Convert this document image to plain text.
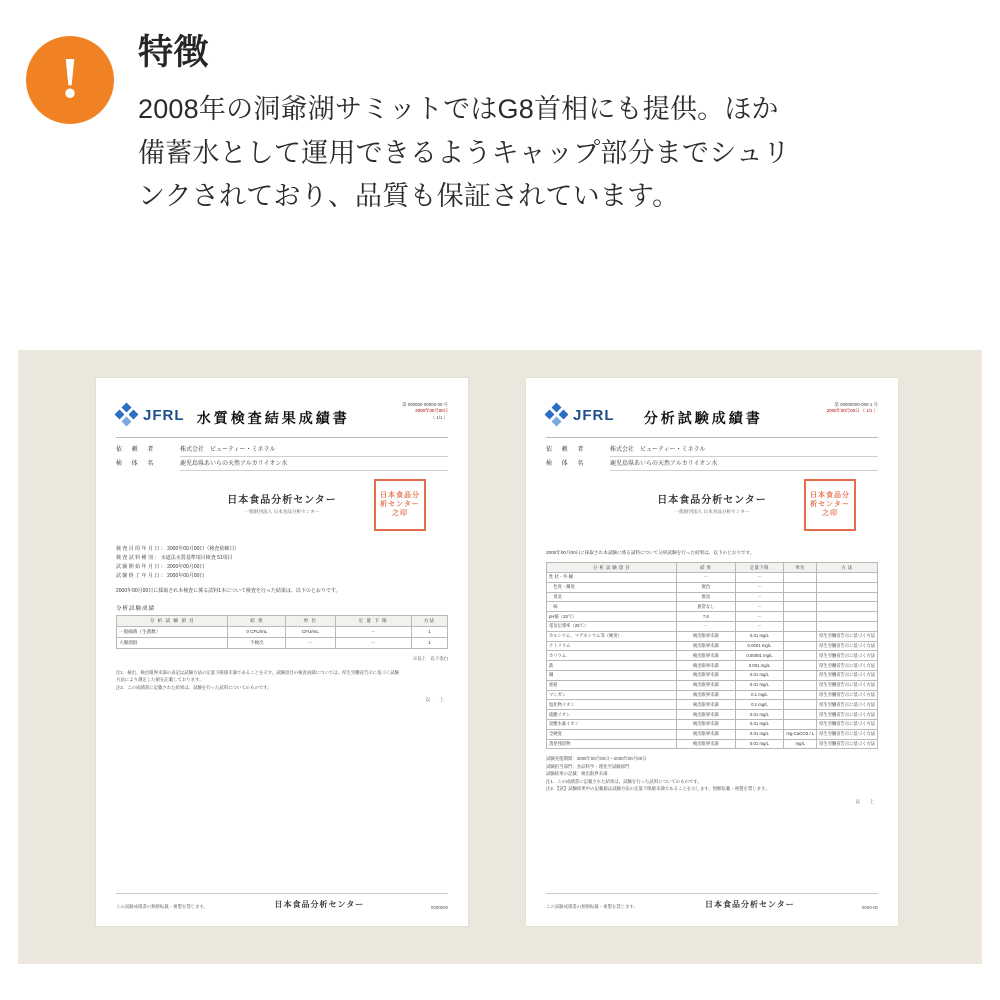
! 特徴

2008年の洞爺湖サミットではG8首相にも提供。ほか備蓄水として運用できるようキャップ部分までシュリンクされており、品質も保証されています。

JFRL 水質検査結果成績書
第 000000-00000-00 号
2000年00月00日
（ 1/1 ）
依 頼 者	株式会社　ビューティー・ミネラル
検 体 名	鹿児島県あいらの天然アルカリイオン水
日本食品分析センター
一般財団法人 日本食品分析センター
日本食品分析センター之印
検 査 目 的 年 月 日 ： 2000年00月00日（検査依頼日）
検 査 試 料 種 別 ： 水道法水質基準項目検査 51項目
試 験 開 始 年 月 日 ： 2000年00月00日
試 験 終 了 年 月 日 ： 2000年00月00日
2000年00月00日に採取され本検査に係る試料1本について検査を行った結果は、以下のとおりです。
分析試験成績
分 析 試 験 項 目	結 果	単 位	定 量 下 限	方法
一般細菌（生菌数）	0 CFU/mL	CFU/mL	－	1
大腸菌群	不検出	－	－	1
※以上　以下余白
注1．検出、検出限界未満の表記は試験方法の定量下限値未満であることを示す。試験項目の検査成績については、厚生労働省告示に基づく試験
方法により測定した値を記載しております。
注2．この成績書に記載された結果は、試験を行った試料についてのものです。
以 上
この試験成績書の無断転載・複製を禁じます。	日本食品分析センター	0000000
JFRL	分析試験成績書
第 00000000-000-1 号
2000年00月00日 （ 1/1 ）
依 頼 者	株式会社　ビューティー・ミネラル
検 体 名	鹿児島県あいらの天然アルカリイオン水
日本食品分析センター
一般財団法人 日本食品分析センター
日本食品分析センター之印
2000年00月00日に採取され本試験に係る試料について分析試験を行った結果は、以下のとおりです。
分 析 試 験 項 目	結 果	定量下限	単位	方 法
性 状・外 観	－	－		
　色度・濁度	無色	－		
　臭気	無臭	－		
　味	異常なし	－		
pH値（25℃）	7.8	－		
電気伝導率（25℃）	－	－		
カルシウム、マグネシウム等（硬度）	検出限界未満	0.01 mg/L		厚生労働省告示に基づく方法
ナトリウム	検出限界未満	0.0001 mg/L		厚生労働省告示に基づく方法
カリウム	検出限界未満	0.00001 mg/L		厚生労働省告示に基づく方法
鉄	検出限界未満	0.001 mg/L		厚生労働省告示に基づく方法
銅	検出限界未満	0.01 mg/L		厚生労働省告示に基づく方法
亜鉛	検出限界未満	0.01 mg/L		厚生労働省告示に基づく方法
マンガン	検出限界未満	0.1 mg/L		厚生労働省告示に基づく方法
塩化物イオン	検出限界未満	0.1 mg/L		厚生労働省告示に基づく方法
硫酸イオン	検出限界未満	0.01 mg/L		厚生労働省告示に基づく方法
炭酸水素イオン	検出限界未満	0.01 mg/L		厚生労働省告示に基づく方法
全硬度	検出限界未満	0.01 mg/L	mg-CaCO3 / L	厚生労働省告示に基づく方法
蒸発残留物	検出限界未満	0.01 mg/L	mg/L	厚生労働省告示に基づく方法
試験実施期間：2000年00月00日～2000年00月00日
試験担当部門：食品科学・理化学試験部門
試験結果の記載：検出限界未満
注1．この成績書に記載された結果は、試験を行った試料についてのものです。
注2．【表】試験結果中の記載値は試験方法の定量下限値未満であることを示します。無断転載・複製を禁じます。
以 上
この試験成績書の無断転載・複製を禁じます。	日本食品分析センター	0000-00
